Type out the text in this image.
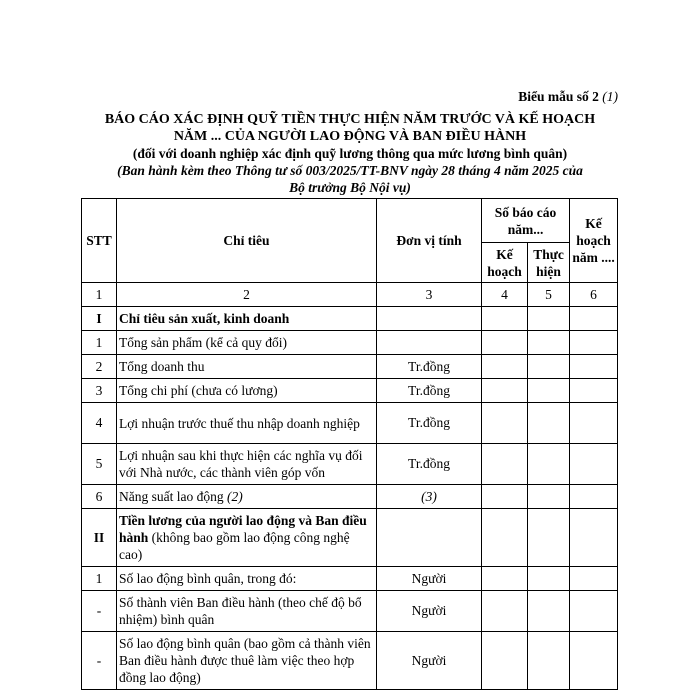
Biểu mẫu số 2 (1)

BÁO CÁO XÁC ĐỊNH QUỸ TIỀN THỰC HIỆN NĂM TRƯỚC VÀ KẾ HOẠCH

NĂM ... CỦA NGƯỜI LAO ĐỘNG VÀ BAN ĐIỀU HÀNH

(đối với doanh nghiệp xác định quỹ lương thông qua mức lương bình quân)

(Ban hành kèm theo Thông tư số 003/2025/TT-BNV ngày 28 tháng 4 năm 2025 của

Bộ trưởng Bộ Nội vụ)

STT	Chỉ tiêu	Đơn vị tính	Số báo cáo năm...		Kế hoạch năm ....
			Kế hoạch	Thực hiện	
1	2	3	4	5	6
I	Chỉ tiêu sản xuất, kinh doanh				
1	Tổng sản phẩm (kể cả quy đổi)				
2	Tổng doanh thu	Tr.đồng			
3	Tổng chi phí (chưa có lương)	Tr.đồng			
4	Lợi nhuận trước thuế thu nhập doanh nghiệp	Tr.đồng			
5	Lợi nhuận sau khi thực hiện các nghĩa vụ đối với Nhà nước, các thành viên góp vốn	Tr.đồng			
6	Năng suất lao động (2)	(3)			
II	Tiền lương của người lao động và Ban điều hành (không bao gồm lao động công nghệ cao)				
1	Số lao động bình quân, trong đó:	Người			
-	Số thành viên Ban điều hành (theo chế độ bổ nhiệm) bình quân	Người			
-	Số lao động bình quân (bao gồm cả thành viên Ban điều hành được thuê làm việc theo hợp đồng lao động)	Người			
